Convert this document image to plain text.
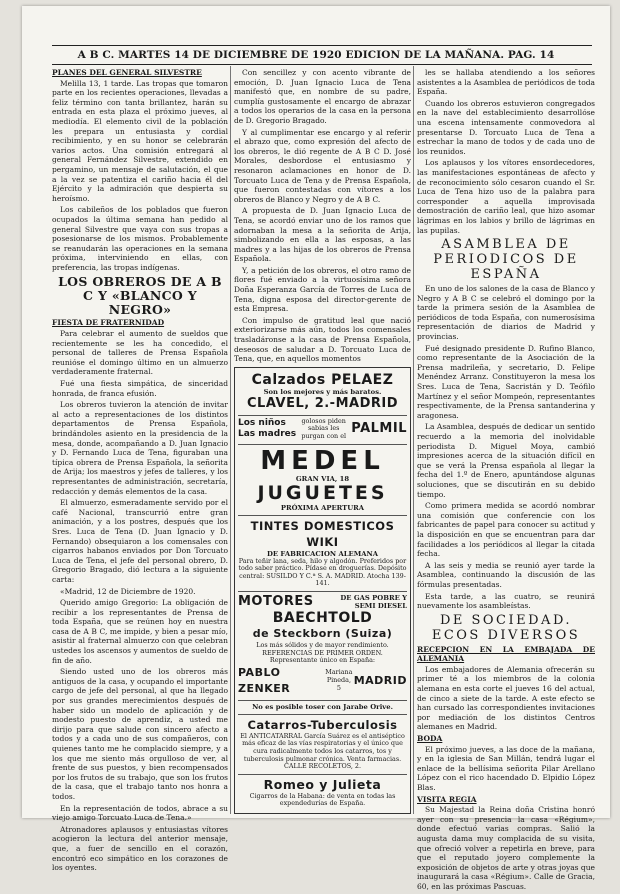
A B C. MARTES 14 DE DICIEMBRE DE 1920 EDICION DE LA MAÑANA. PAG. 14

PLANES DEL GENERAL SILVESTRE

Melilla 13, 1 tarde. Las tropas que tomaron parte en los recientes operaciones, llevadas a feliz término con tanta brillantez, harán su entrada en esta plaza el próximo jueves, al mediodía. El elemento civil de la población les prepara un entusiasta y cordial recibimiento, y en su honor se celebrarán varios actos. Una comisión entregará al general Fernández Silvestre, extendido en pergamino, un mensaje de salutación, el que a la vez se patentiza el cariño hacia él del Ejército y la admiración que despierta su heroísmo.

Los cabileños de los poblados que fueron ocupados la última semana han pedido al general Silvestre que vaya con sus tropas a posesionarse de los mismos. Probablemente se reanudarán las operaciones en la semana próxima, interviniendo en ellas, con preferencia, las tropas indígenas.

LOS OBREROS DE A B C Y «BLANCO Y NEGRO»

FIESTA DE FRATERNIDAD

Para celebrar el aumento de sueldos que recientemente se les ha concedido, el personal de talleres de Prensa Española reunióse el domingo último en un almuerzo verdaderamente fraternal.

Fué una fiesta simpática, de sinceridad honrada, de franca efusión.

Los obreros tuvieron la atención de invitar al acto a representaciones de los distintos departamentos de Prensa Española, brindándoles asiento en la presidencia de la mesa, donde, acompañando a D. Juan Ignacio y D. Fernando Luca de Tena, figuraban una típica obrera de Prensa Española, la señorita de Arija; los maestros y jefes de talleres, y los representantes de administración, secretaría, redacción y demás elementos de la casa.

El almuerzo, esmeradamente servido por el café Nacional, transcurrió entre gran animación, y a los postres, después que los Sres. Luca de Tena (D. Juan Ignacio y D. Fernando) obsequiaron a los comensales con cigarros habanos enviados por Don Torcuato Luca de Tena, el jefe del personal obrero, D. Gregorio Bragado, dió lectura a la siguiente carta:

«Madrid, 12 de Diciembre de 1920.

Querido amigo Gregorio: La obligación de recibir a los representantes de Prensa de toda España, que se reúnen hoy en nuestra casa de A B C, me impide, y bien a pesar mío, asistir al fraternal almuerzo con que celebran ustedes los ascensos y aumentos de sueldo de fin de año.

Siendo usted uno de los obreros más antiguos de la casa, y ocupando el importante cargo de jefe del personal, al que ha llegado por sus grandes merecimientos después de haber sido un modelo de aplicación y de modesto puesto de aprendiz, a usted me dirijo para que salude con sincero afecto a todos y a cada uno de sus compañeros, con quienes tanto me he complacido siempre, y a los que me siento más orgulloso de ver, al frente de sus puestos, y bien recompensados por los frutos de su trabajo, que son los frutos de la casa, que el trabajo tanto nos honra a todos.

En la representación de todos, abrace a su viejo amigo Torcuato Luca de Tena.»

Atronadores aplausos y entusiastas vítores acogieron la lectura del anterior mensaje, que, a fuer de sencillo en el corazón, encontró eco simpático en los corazones de los oyentes.

Con sencillez y con acento vibrante de emoción, D. Juan Ignacio Luca de Tena manifestó que, en nombre de su padre, cumplía gustosamente el encargo de abrazar a todos los operarios de la casa en la persona de D. Gregorio Bragado.

Y al cumplimentar ese encargo y al referir el abrazo que, como expresión del afecto de los obreros, le dió regente de A B C D. José Morales, desbordose el entusiasmo y resonaron aclamaciones en honor de D. Torcuato Luca de Tena y de Prensa Española, que fueron contestadas con vítores a los obreros de Blanco y Negro y de A B C.

A propuesta de D. Juan Ignacio Luca de Tena, se acordó enviar uno de los ramos que adornaban la mesa a la señorita de Arija, simbolizando en ella a las esposas, a las madres y a las hijas de los obreros de Prensa Española.

Y, a petición de los obreros, el otro ramo de flores fué enviado a la virtuosísima señora Doña Esperanza García de Torres de Luca de Tena, digna esposa del director-gerente de esta Empresa.

Con impulso de gratitud leal que nació exteriorizarse más aún, todos los comensales trasladáronse a la casa de Prensa Española, deseosos de saludar a D. Torcuato Luca de Tena, que, en aquellos momentos

Calzados PELAEZ
Son los mejores y más baratos.
CLAVEL, 2.-MADRID
Los niños
Las madres
golosos piden sabias les purgan con el PALMIL
MEDEL
GRAN VIA, 18
JUGUETES
PRÓXIMA APERTURA
TINTES DOMESTICOS WIKI
DE FABRICACION ALEMANA
Para teñir lana, seda, hilo y algodón. Preferidos por todo saber práctico. Pídase en droguerías. Depósito central: SUSILDO Y C.ª S. A. MADRID. Atocha 139-141.
MOTORES	DE GAS POBRE Y SEMI DIESEL
BAECHTOLD
de Steckborn (Suiza)
Los más sólidos y de mayor rendimiento. REFERENCIAS DE PRIMER ORDEN. Representante único en España:
PABLO ZENKER
Mariana Pineda, 5
MADRID
No es posible toser con Jarabe Orive.
Catarros-Tuberculosis
El ANTICATARRAL García Suárez es el antiséptico más eficaz de las vías respiratorias y el único que cura radicalmente todos los catarros, tos y tuberculosis pulmonar crónica. Venta farmacias. CALLE RECOLETOS, 2.
Romeo y Julieta
Cigarros de la Habana: de venta en todas las expendedurías de España.

les se hallaba atendiendo a los señores asistentes a la Asamblea de periódicos de toda España.

Cuando los obreros estuvieron congregados en la nave del establecimiento desarrollóse una escena intensamente conmovedora al presentarse D. Torcuato Luca de Tena a estrechar la mano de todos y de cada uno de los reunidos.

Los aplausos y los vítores ensordecedores, las manifestaciones espontáneas de afecto y de reconocimiento sólo cesaron cuando el Sr. Luca de Tena hizo uso de la palabra para corresponder a aquella improvisada demostración de cariño leal, que hizo asomar lágrimas en los labios y brillo de lágrimas en las pupilas.

ASAMBLEA DE PERIODICOS DE ESPAÑA

En uno de los salones de la casa de Blanco y Negro y A B C se celebró el domingo por la tarde la primera sesión de la Asamblea de periódicos de toda España, con numerosísima representación de diarios de Madrid y provincias.

Fué designado presidente D. Rufino Blanco, como representante de la Asociación de la Prensa madrileña, y secretario, D. Felipe Menéndez Arranz. Constituyeron la mesa los Sres. Luca de Tena, Sacristán y D. Teófilo Martínez y el señor Mompeón, representantes respectivamente, de la Prensa santanderina y aragonesa.

La Asamblea, después de dedicar un sentido recuerdo a la memoria del inolvidable periodista D. Miguel Moya, cambió impresiones acerca de la situación difícil en que se verá la Prensa española al llegar la fecha del 1.º de Enero, apuntándose algunas soluciones, que se discutirán en su debido tiempo.

Como primera medida se acordó nombrar una comisión que conferencie con los fabricantes de papel para conocer su actitud y la disposición en que se encuentran para dar facilidades a los periódicos al llegar la citada fecha.

A las seis y media se reunió ayer tarde la Asamblea, continuando la discusión de las fórmulas presentadas.

Esta tarde, a las cuatro, se reunirá nuevamente los asambleístas.

DE SOCIEDAD. ECOS DIVERSOS

RECEPCION EN LA EMBAJADA DE ALEMANIA

Los embajadores de Alemania ofrecerán su primer té a los miembros de la colonia alemana en esta corte el jueves 16 del actual, de cinco a siete de la tarde. A este efecto se han cursado las correspondientes invitaciones por mediación de los distintos Centros alemanes en Madrid.

BODA

El próximo jueves, a las doce de la mañana, y en la iglesia de San Millán, tendrá lugar el enlace de la bellísima señorita Pilar Arellano López con el rico hacendado D. Elpidio López Blas.

VISITA REGIA

Su Majestad la Reina doña Cristina honró ayer con su presencia la casa «Régium», donde efectuó varias compras. Salió la augusta dama muy complacida de su visita, que ofreció volver a repetirla en breve, para que el reputado joyero complemente la exposición de objetos de arte y otras joyas que inaugurará la casa «Régium». Calle de Gracia, 60, en las próximas Pascuas.
